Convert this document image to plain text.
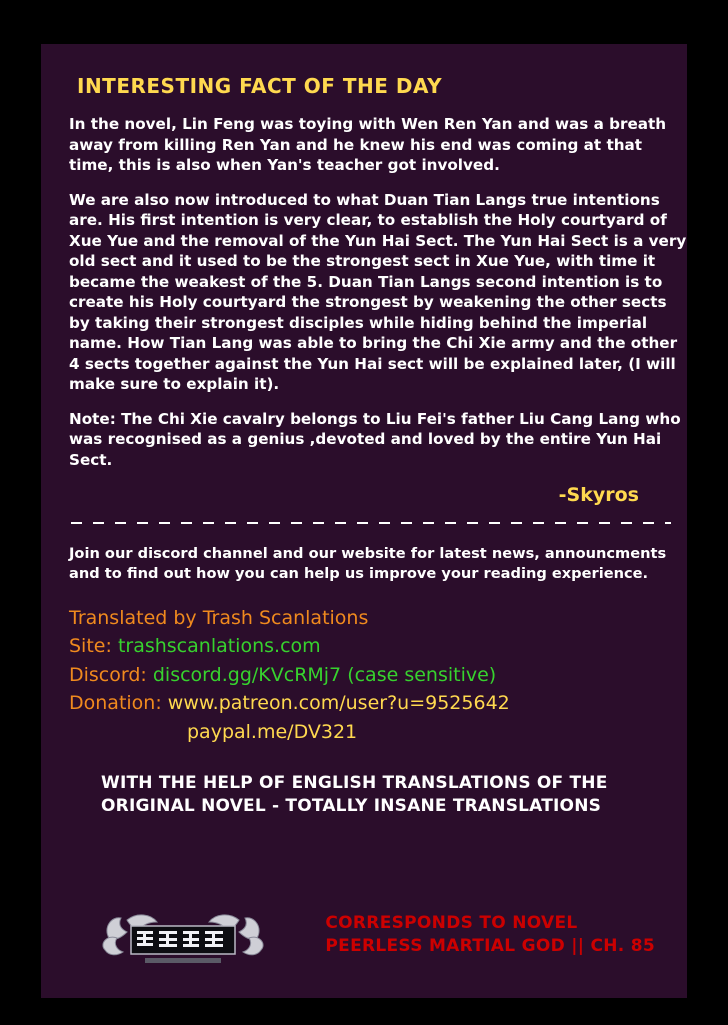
INTERESTING FACT OF THE DAY
In the novel, Lin Feng was toying with Wen Ren Yan and was a breath away from killing Ren Yan and he knew his end was coming at that time, this is also when Yan's teacher got involved.
We are also now introduced to what Duan Tian Langs true intentions are. His first intention is very clear, to establish the Holy courtyard of Xue Yue and the removal of the Yun Hai Sect. The Yun Hai Sect is a very old sect and it used to be the strongest sect in Xue Yue, with time it became the weakest of the 5. Duan Tian Langs second intention is to create his Holy courtyard the strongest by weakening the other sects by taking their strongest disciples while hiding behind the imperial name. How Tian Lang was able to bring the Chi Xie army and the other 4 sects together against the Yun Hai sect will be explained later, (I will make sure to explain it).
Note: The Chi Xie cavalry belongs to Liu Fei's father Liu Cang Lang who was recognised as a genius ,devoted and loved by the entire Yun Hai Sect.
-Skyros
Join our discord channel and our website for latest news, announcments and to find out how you can help us improve your reading experience.
Translated by Trash Scanlations
Site: trashscanlations.com
Discord: discord.gg/KVcRMj7 (case sensitive)
Donation: www.patreon.com/user?u=9525642
paypal.me/DV321
WITH THE HELP OF ENGLISH TRANSLATIONS OF THE
ORIGINAL NOVEL - TOTALLY INSANE TRANSLATIONS
CORRESPONDS TO NOVEL
PEERLESS MARTIAL GOD || CH. 85
